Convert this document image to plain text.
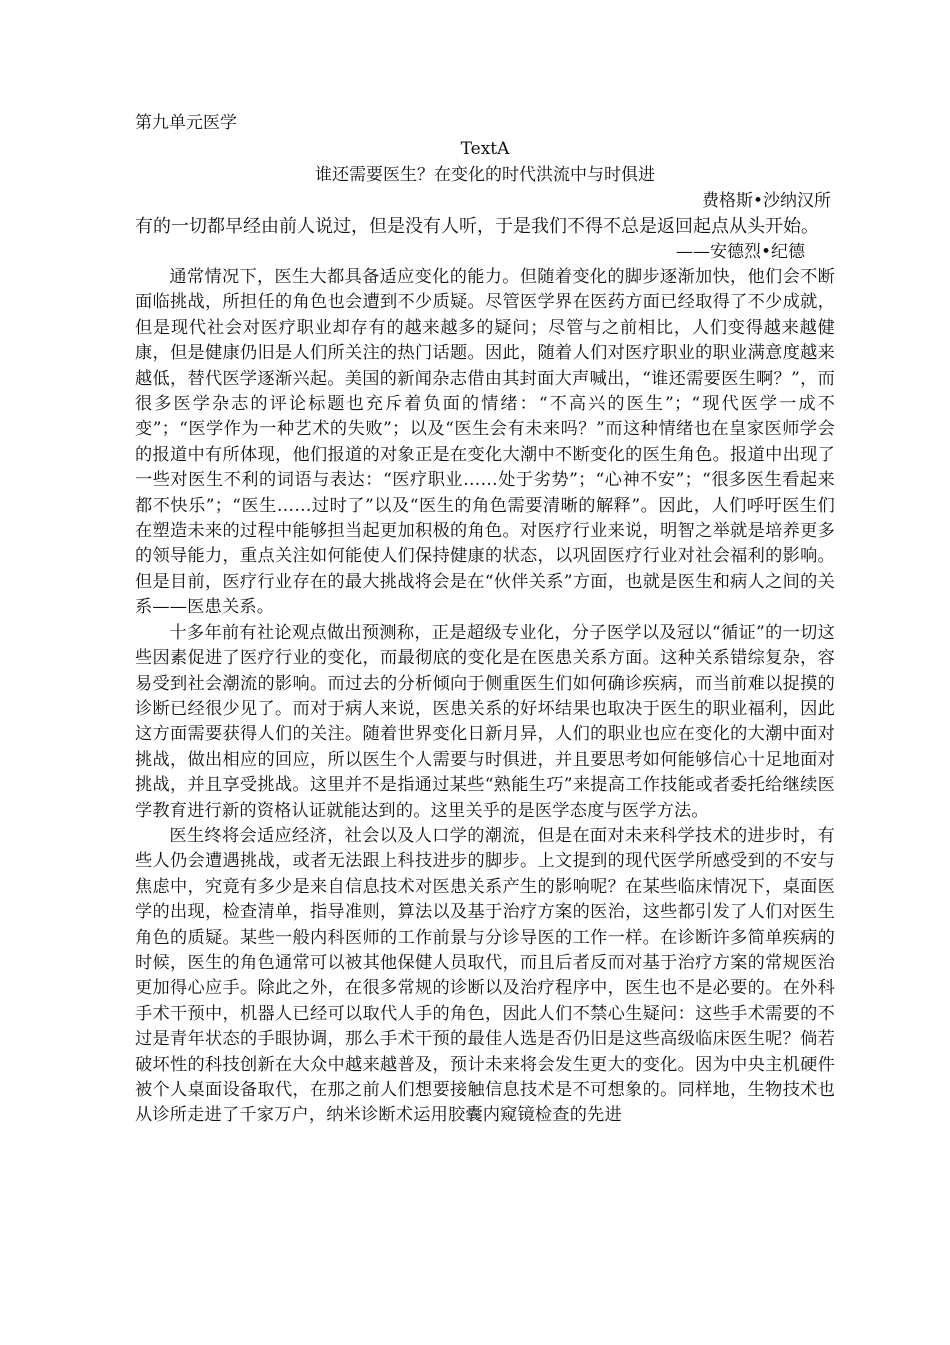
第九单元医学

TextA

谁还需要医生？在变化的时代洪流中与时俱进

费格斯•沙纳汉所

有的一切都早经由前人说过，但是没有人听，于是我们不得不总是返回起点从头开始。

——安德烈•纪德

通常情况下，医生大都具备适应变化的能力。但随着变化的脚步逐渐加快，他们会不断面临挑战，所担任的角色也会遭到不少质疑。尽管医学界在医药方面已经取得了不少成就，但是现代社会对医疗职业却存有的越来越多的疑问；尽管与之前相比，人们变得越来越健康，但是健康仍旧是人们所关注的热门话题。因此，随着人们对医疗职业的职业满意度越来越低，替代医学逐渐兴起。美国的新闻杂志借由其封面大声喊出，“谁还需要医生啊？”，而很多医学杂志的评论标题也充斥着负面的情绪：“不高兴的医生”；“现代医学一成不变”；“医学作为一种艺术的失败”；以及“医生会有未来吗？”而这种情绪也在皇家医师学会的报道中有所体现，他们报道的对象正是在变化大潮中不断变化的医生角色。报道中出现了一些对医生不利的词语与表达：“医疗职业……处于劣势”；“心神不安”；“很多医生看起来都不快乐”；“医生……过时了”以及“医生的角色需要清晰的解释”。因此，人们呼吁医生们在塑造未来的过程中能够担当起更加积极的角色。对医疗行业来说，明智之举就是培养更多的领导能力，重点关注如何能使人们保持健康的状态，以巩固医疗行业对社会福利的影响。但是目前，医疗行业存在的最大挑战将会是在“伙伴关系”方面，也就是医生和病人之间的关系——医患关系。

十多年前有社论观点做出预测称，正是超级专业化，分子医学以及冠以“循证”的一切这些因素促进了医疗行业的变化，而最彻底的变化是在医患关系方面。这种关系错综复杂，容易受到社会潮流的影响。而过去的分析倾向于侧重医生们如何确诊疾病，而当前难以捉摸的诊断已经很少见了。而对于病人来说，医患关系的好坏结果也取决于医生的职业福利，因此这方面需要获得人们的关注。随着世界变化日新月异，人们的职业也应在变化的大潮中面对挑战，做出相应的回应，所以医生个人需要与时俱进，并且要思考如何能够信心十足地面对挑战，并且享受挑战。这里并不是指通过某些“熟能生巧”来提高工作技能或者委托给继续医学教育进行新的资格认证就能达到的。这里关乎的是医学态度与医学方法。

医生终将会适应经济，社会以及人口学的潮流，但是在面对未来科学技术的进步时，有些人仍会遭遇挑战，或者无法跟上科技进步的脚步。上文提到的现代医学所感受到的不安与焦虑中，究竟有多少是来自信息技术对医患关系产生的影响呢？在某些临床情况下，桌面医学的出现，检查清单，指导准则，算法以及基于治疗方案的医治，这些都引发了人们对医生角色的质疑。某些一般内科医师的工作前景与分诊导医的工作一样。在诊断许多简单疾病的时候，医生的角色通常可以被其他保健人员取代，而且后者反而对基于治疗方案的常规医治更加得心应手。除此之外，在很多常规的诊断以及治疗程序中，医生也不是必要的。在外科手术干预中，机器人已经可以取代人手的角色，因此人们不禁心生疑问：这些手术需要的不过是青年状态的手眼协调，那么手术干预的最佳人选是否仍旧是这些高级临床医生呢？倘若破坏性的科技创新在大众中越来越普及，预计未来将会发生更大的变化。因为中央主机硬件被个人桌面设备取代，在那之前人们想要接触信息技术是不可想象的。同样地，生物技术也从诊所走进了千家万户，纳米诊断术运用胶囊内窥镜检查的先进
